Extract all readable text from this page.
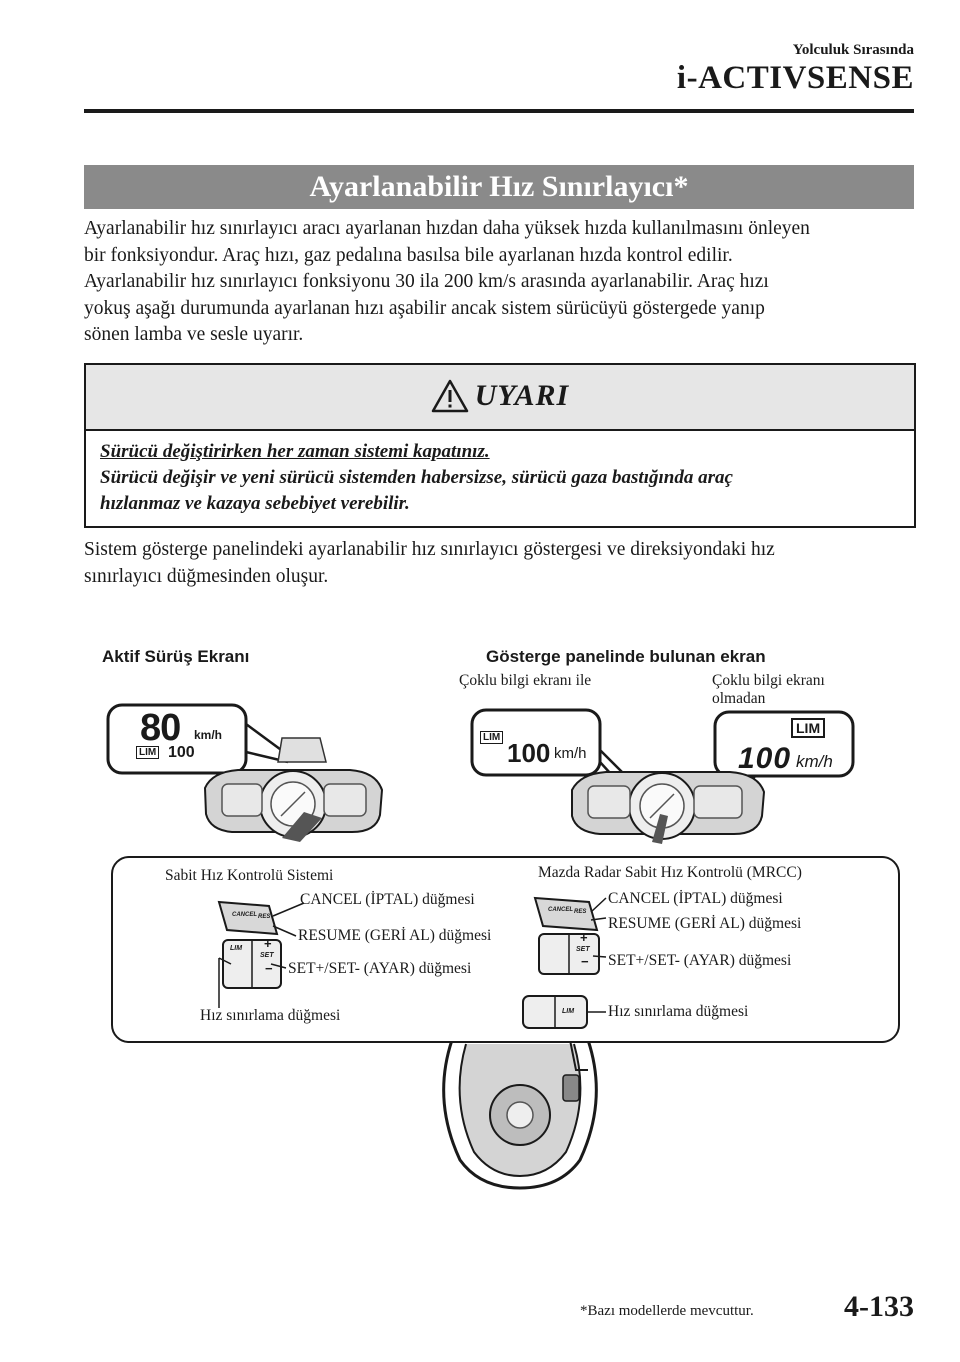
Yolculuk Sırasında
i-ACTIVSENSE
Ayarlanabilir Hız Sınırlayıcı*
Ayarlanabilir hız sınırlayıcı aracı ayarlanan hızdan daha yüksek hızda kullanılmasını önleyen
bir fonksiyondur. Araç hızı, gaz pedalına basılsa bile ayarlanan hızda kontrol edilir.
Ayarlanabilir hız sınırlayıcı fonksiyonu 30 ila 200 km/s arasında ayarlanabilir. Araç hızı
yokuş aşağı durumunda ayarlanan hızı aşabilir ancak sistem sürücüyü göstergede yanıp
sönen lamba ve sesle uyarır.
UYARI
Sürücü değiştirirken her zaman sistemi kapatınız.
Sürücü değişir ve yeni sürücü sistemden habersizse, sürücü gaza bastığında araç
hızlanmaz ve kazaya sebebiyet verebilir.
Sistem gösterge panelindeki ayarlanabilir hız sınırlayıcı göstergesi ve direksiyondaki hız
sınırlayıcı düğmesinden oluşur.
Aktif Sürüş Ekranı	Gösterge panelinde bulunan ekran
Çoklu bilgi ekranı ile	Çoklu bilgi ekranı
olmadan
80 km/h
LIM 100
LIM
100 km/h
LIM
100 km/h
CANCEL RES
LIM +
SET
−
CANCEL RES
+
SET
−
LIM
Sabit Hız Kontrolü Sistemi	Mazda Radar Sabit Hız Kontrolü (MRCC)
CANCEL (İPTAL) düğmesi
RESUME (GERİ AL) düğmesi
SET+/SET- (AYAR) düğmesi
Hız sınırlama düğmesi
CANCEL (İPTAL) düğmesi
RESUME (GERİ AL) düğmesi
SET+/SET- (AYAR) düğmesi
Hız sınırlama düğmesi
*Bazı modellerde mevcuttur.	4-133
